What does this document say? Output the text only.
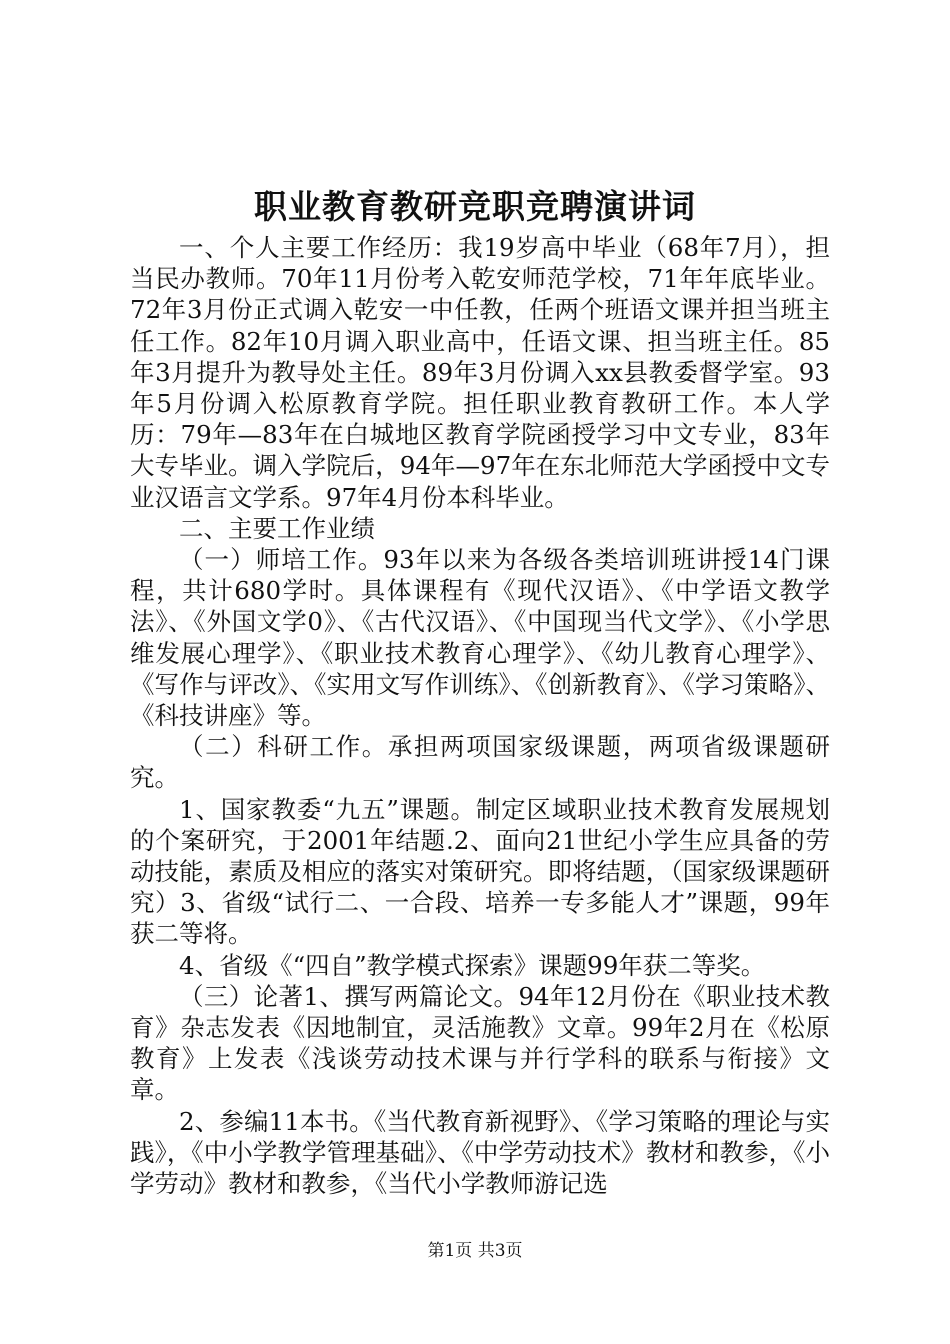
职业教育教研竞职竞聘演讲词

一、个人主要工作经历：我19岁高中毕业（68年7月），担当民办教师。70年11月份考入乾安师范学校，71年年底毕业。72年3月份正式调入乾安一中任教，任两个班语文课并担当班主任工作。82年10月调入职业高中，任语文课、担当班主任。85年3月提升为教导处主任。89年3月份调入xx县教委督学室。93年5月份调入松原教育学院。担任职业教育教研工作。本人学历：79年—83年在白城地区教育学院函授学习中文专业，83年大专毕业。调入学院后，94年—97年在东北师范大学函授中文专业汉语言文学系。97年4月份本科毕业。

二、主要工作业绩

（一）师培工作。93年以来为各级各类培训班讲授14门课程，共计680学时。具体课程有《现代汉语》、《中学语文教学法》、《外国文学0》、《古代汉语》、《中国现当代文学》、《小学思维发展心理学》、《职业技术教育心理学》、《幼儿教育心理学》、《写作与评改》、《实用文写作训练》、《创新教育》、《学习策略》、《科技讲座》等。

（二）科研工作。承担两项国家级课题，两项省级课题研究。

1、国家教委“九五”课题。制定区域职业技术教育发展规划的个案研究，于2001年结题.2、面向21世纪小学生应具备的劳动技能，素质及相应的落实对策研究。即将结题，（国家级课题研究）3、省级“试行二、一合段、培养一专多能人才”课题，99年获二等将。

4、省级《“四自”教学模式探索》课题99年获二等奖。

（三）论著1、撰写两篇论文。94年12月份在《职业技术教育》杂志发表《因地制宜，灵活施教》文章。99年2月在《松原教育》上发表《浅谈劳动技术课与并行学科的联系与衔接》文章。

2、参编11本书。《当代教育新视野》、《学习策略的理论与实践》，《中小学教学管理基础》、《中学劳动技术》教材和教参，《小学劳动》教材和教参，《当代小学教师游记选

第1页 共3页
